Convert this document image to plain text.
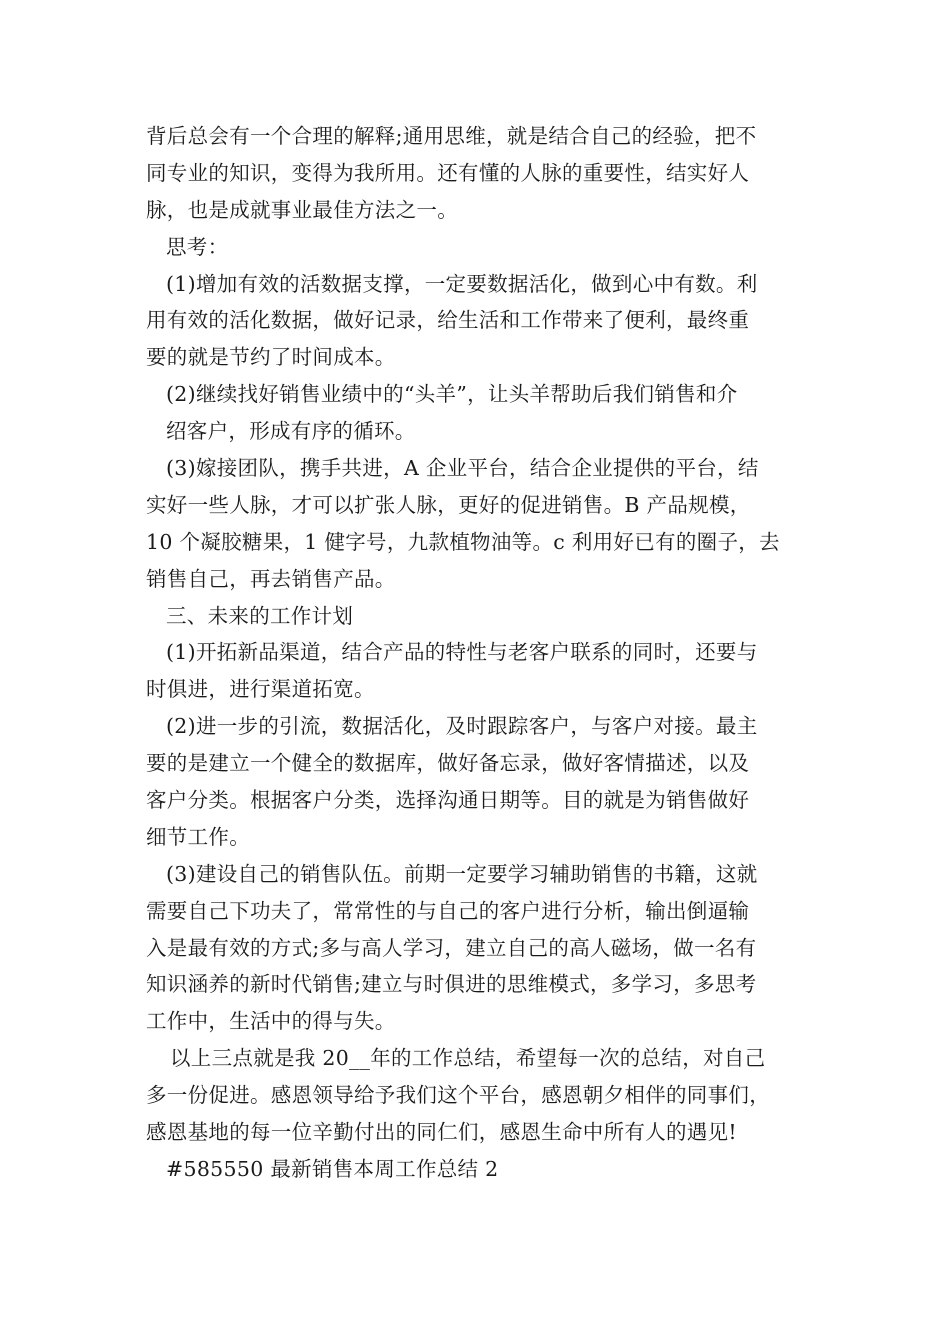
背后总会有一个合理的解释;通用思维，就是结合自己的经验，把不
同专业的知识，变得为我所用。还有懂的人脉的重要性，结实好人
脉，也是成就事业最佳方法之一。
思考：
(1)增加有效的活数据支撑，一定要数据活化，做到心中有数。利
用有效的活化数据，做好记录，给生活和工作带来了便利，最终重
要的就是节约了时间成本。
(2)继续找好销售业绩中的“头羊”，让头羊帮助后我们销售和介
绍客户，形成有序的循环。
(3)嫁接团队，携手共进，A 企业平台，结合企业提供的平台，结
实好一些人脉，才可以扩张人脉，更好的促进销售。B 产品规模，
10 个凝胶糖果，1 健字号，九款植物油等。c 利用好已有的圈子，去
销售自己，再去销售产品。
三、未来的工作计划
(1)开拓新品渠道，结合产品的特性与老客户联系的同时，还要与
时俱进，进行渠道拓宽。
(2)进一步的引流，数据活化，及时跟踪客户，与客户对接。最主
要的是建立一个健全的数据库，做好备忘录，做好客情描述，以及
客户分类。根据客户分类，选择沟通日期等。目的就是为销售做好
细节工作。
(3)建设自己的销售队伍。前期一定要学习辅助销售的书籍，这就
需要自己下功夫了，常常性的与自己的客户进行分析，输出倒逼输
入是最有效的方式;多与高人学习，建立自己的高人磁场，做一名有
知识涵养的新时代销售;建立与时俱进的思维模式，多学习，多思考
工作中，生活中的得与失。
以上三点就是我 20__年的工作总结，希望每一次的总结，对自己
多一份促进。感恩领导给予我们这个平台，感恩朝夕相伴的同事们，
感恩基地的每一位辛勤付出的同仁们，感恩生命中所有人的遇见!
#585550 最新销售本周工作总结 2
